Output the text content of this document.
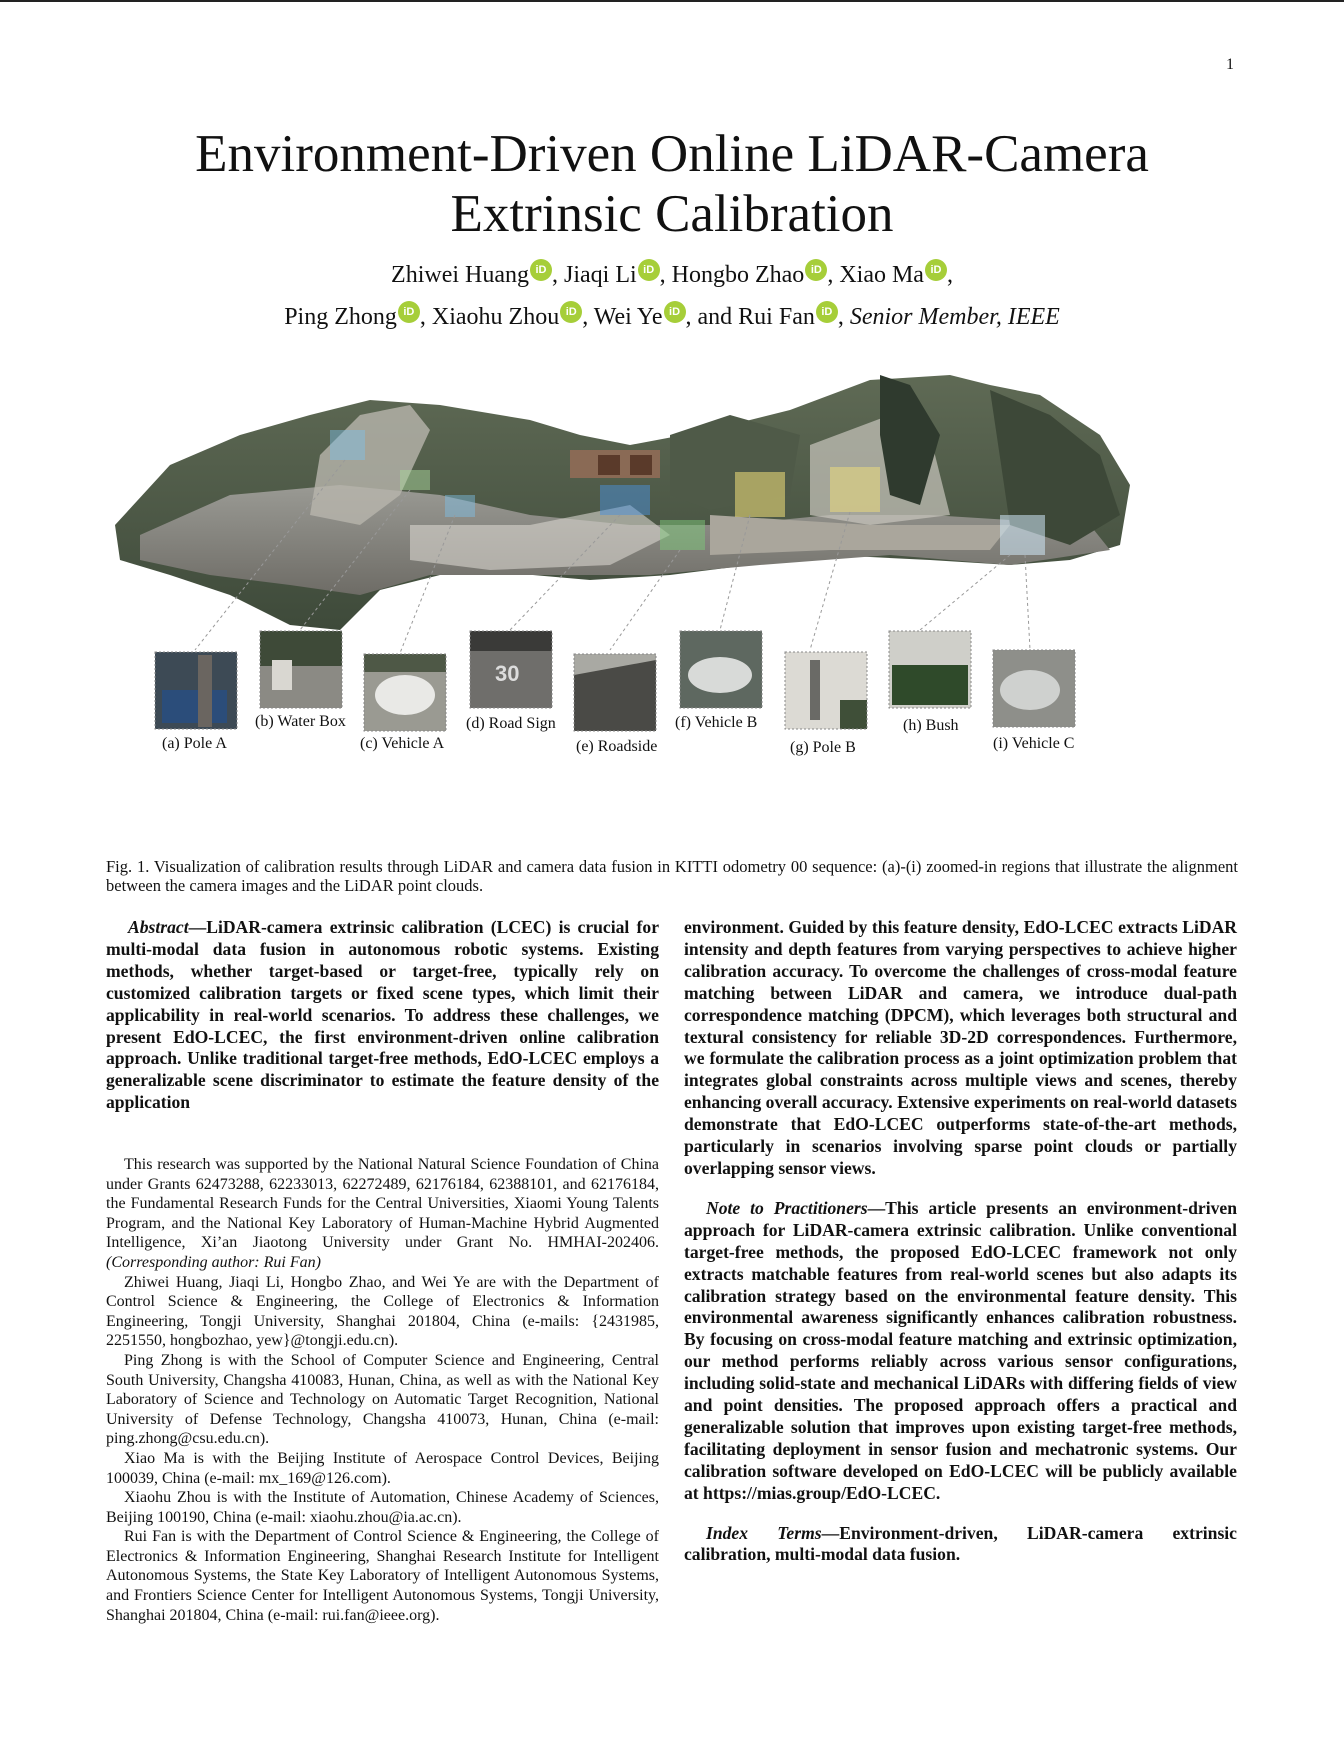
1
Environment-Driven Online LiDAR-Camera
Extrinsic Calibration
Zhiwei Huang iD , Jiaqi Li iD , Hongbo Zhao iD , Xiao Ma iD ,
Ping Zhong iD , Xiaohu Zhou iD , Wei Ye iD , and Rui Fan iD , Senior Member, IEEE
30
(a) Pole A
(b) Water Box
(c) Vehicle A
(d) Road Sign
(e) Roadside
(f) Vehicle B
(g) Pole B
(h) Bush
(i) Vehicle C
Fig. 1. Visualization of calibration results through LiDAR and camera data fusion in KITTI odometry 00 sequence: (a)-(i) zoomed-in regions that illustrate the alignment between the camera images and the LiDAR point clouds.

Abstract—LiDAR-camera extrinsic calibration (LCEC) is crucial for multi-modal data fusion in autonomous robotic systems. Existing methods, whether target-based or target-free, typically rely on customized calibration targets or fixed scene types, which limit their applicability in real-world scenarios. To address these challenges, we present EdO-LCEC, the first environment-driven online calibration approach. Unlike traditional target-free methods, EdO-LCEC employs a generalizable scene discriminator to estimate the feature density of the application

This research was supported by the National Natural Science Foundation of China under Grants 62473288, 62233013, 62272489, 62176184, 62388101, and 62176184, the Fundamental Research Funds for the Central Universities, Xiaomi Young Talents Program, and the National Key Laboratory of Human-Machine Hybrid Augmented Intelligence, Xi’an Jiaotong University under Grant No. HMHAI-202406. (Corresponding author: Rui Fan)

Zhiwei Huang, Jiaqi Li, Hongbo Zhao, and Wei Ye are with the Department of Control Science & Engineering, the College of Electronics & Information Engineering, Tongji University, Shanghai 201804, China (e-mails: {2431985, 2251550, hongbozhao, yew}@tongji.edu.cn).

Ping Zhong is with the School of Computer Science and Engineering, Central South University, Changsha 410083, Hunan, China, as well as with the National Key Laboratory of Science and Technology on Automatic Target Recognition, National University of Defense Technology, Changsha 410073, Hunan, China (e-mail: ping.zhong@csu.edu.cn).

Xiao Ma is with the Beijing Institute of Aerospace Control Devices, Beijing 100039, China (e-mail: mx_169@126.com).

Xiaohu Zhou is with the Institute of Automation, Chinese Academy of Sciences, Beijing 100190, China (e-mail: xiaohu.zhou@ia.ac.cn).

Rui Fan is with the Department of Control Science & Engineering, the College of Electronics & Information Engineering, Shanghai Research Institute for Intelligent Autonomous Systems, the State Key Laboratory of Intelligent Autonomous Systems, and Frontiers Science Center for Intelligent Autonomous Systems, Tongji University, Shanghai 201804, China (e-mail: rui.fan@ieee.org).

environment. Guided by this feature density, EdO-LCEC extracts LiDAR intensity and depth features from varying perspectives to achieve higher calibration accuracy. To overcome the challenges of cross-modal feature matching between LiDAR and camera, we introduce dual-path correspondence matching (DPCM), which leverages both structural and textural consistency for reliable 3D-2D correspondences. Furthermore, we formulate the calibration process as a joint optimization problem that integrates global constraints across multiple views and scenes, thereby enhancing overall accuracy. Extensive experiments on real-world datasets demonstrate that EdO-LCEC outperforms state-of-the-art methods, particularly in scenarios involving sparse point clouds or partially overlapping sensor views.

Note to Practitioners—This article presents an environment-driven approach for LiDAR-camera extrinsic calibration. Unlike conventional target-free methods, the proposed EdO-LCEC framework not only extracts matchable features from real-world scenes but also adapts its calibration strategy based on the environmental feature density. This environmental awareness significantly enhances calibration robustness. By focusing on cross-modal feature matching and extrinsic optimization, our method performs reliably across various sensor configurations, including solid-state and mechanical LiDARs with differing fields of view and point densities. The proposed approach offers a practical and generalizable solution that improves upon existing target-free methods, facilitating deployment in sensor fusion and mechatronic systems. Our calibration software developed on EdO-LCEC will be publicly available at https://mias.group/EdO-LCEC.

Index Terms—Environment-driven, LiDAR-camera extrinsic calibration, multi-modal data fusion.
